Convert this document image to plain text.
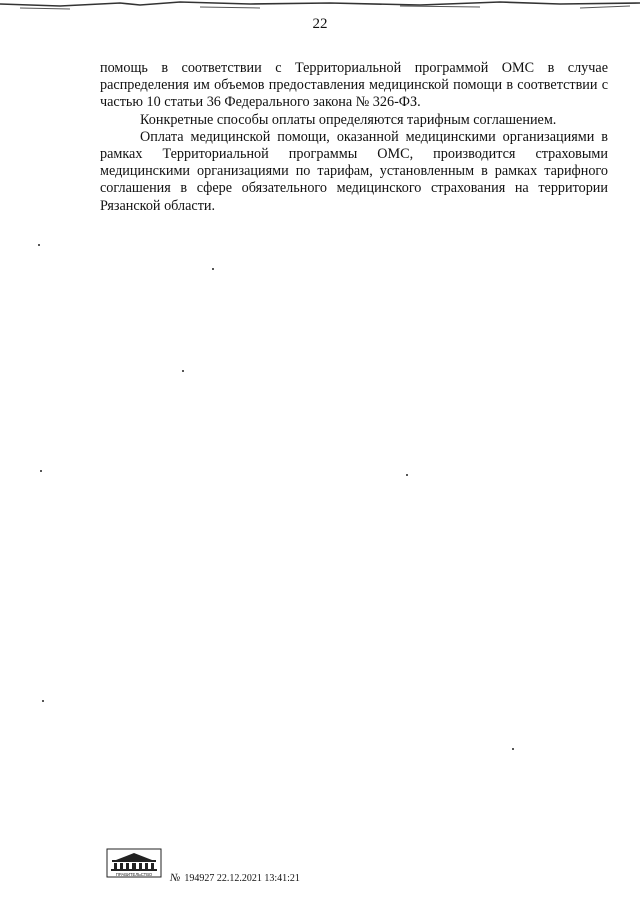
22

помощь в соответствии с Территориальной программой ОМС в случае распределения им объемов предоставления медицинской помощи в соответствии с частью 10 статьи 36 Федерального закона № 326-ФЗ.

Конкретные способы оплаты определяются тарифным соглашением.

Оплата медицинской помощи, оказанной медицинскими организациями в рамках Территориальной программы ОМС, производится страховыми медицинскими организациями по тарифам, установленным в рамках тарифного соглашения в сфере обязательного медицинского страхования на территории Рязанской области.

ПРАВИТЕЛЬСТВО № 194927 22.12.2021 13:41:21
